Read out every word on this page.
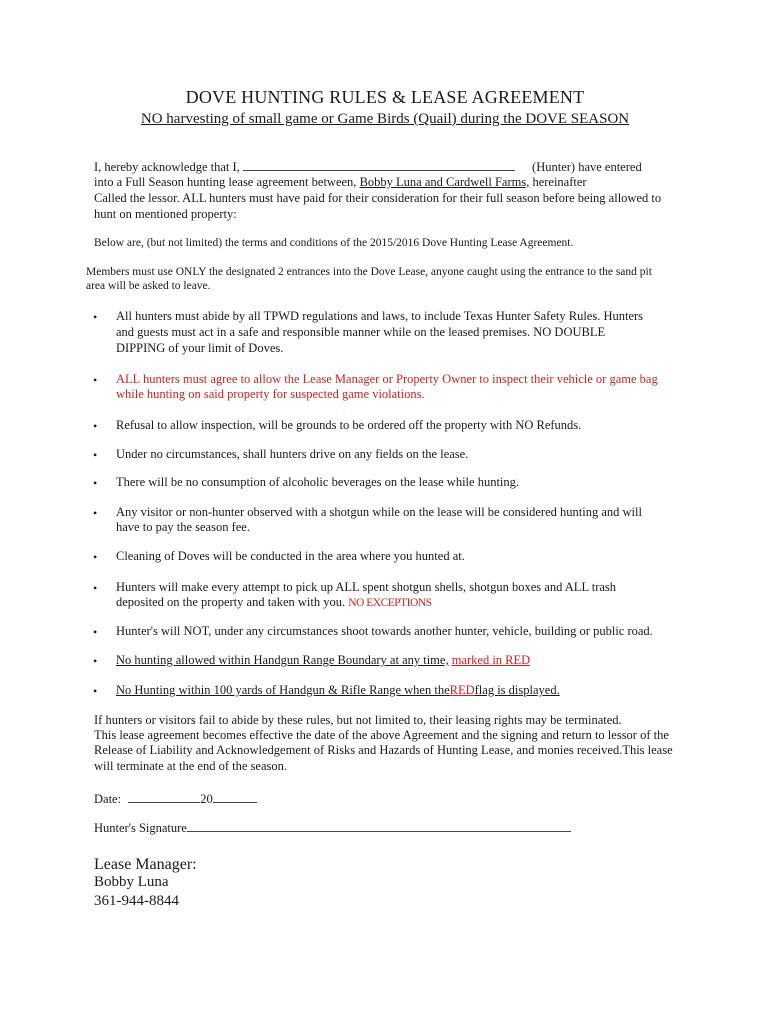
DOVE HUNTING RULES & LEASE AGREEMENT
NO harvesting of small game or Game Birds (Quail) during the DOVE SEASON
I, hereby acknowledge that I,	(Hunter) have entered
into a Full Season hunting lease agreement between, Bobby Luna and Cardwell Farms, hereinafter
Called the lessor. ALL hunters must have paid for their consideration for their full season before being allowed to
hunt on mentioned property:
Below are, (but not limited) the terms and conditions of the 2015/2016 Dove Hunting Lease Agreement.
Members must use ONLY the designated 2 entrances into the Dove Lease, anyone caught using the entrance to the sand pit
area will be asked to leave.
• All hunters must abide by all TPWD regulations and laws, to include Texas Hunter Safety Rules. Hunters
and guests must act in a safe and responsible manner while on the leased premises. NO DOUBLE
DIPPING of your limit of Doves.
• ALL hunters must agree to allow the Lease Manager or Property Owner to inspect their vehicle or game bag
while hunting on said property for suspected game violations.
• Refusal to allow inspection, will be grounds to be ordered off the property with NO Refunds.
• Under no circumstances, shall hunters drive on any fields on the lease.
• There will be no consumption of alcoholic beverages on the lease while hunting.
• Any visitor or non-hunter observed with a shotgun while on the lease will be considered hunting and will
have to pay the season fee.
• Cleaning of Doves will be conducted in the area where you hunted at.
• Hunters will make every attempt to pick up ALL spent shotgun shells, shotgun boxes and ALL trash
deposited on the property and taken with you. NO EXCEPTIONS
• Hunter's will NOT, under any circumstances shoot towards another hunter, vehicle, building or public road.
• No hunting allowed within Handgun Range Boundary at any time, marked in RED
• No Hunting within 100 yards of Handgun & Rifle Range when theREDflag is displayed.
If hunters or visitors fail to abide by these rules, but not limited to, their leasing rights may be terminated.
This lease agreement becomes effective the date of the above Agreement and the signing and return to lessor of the
Release of Liability and Acknowledgement of Risks and Hazards of Hunting Lease, and monies received.This lease
will terminate at the end of the season.
Date:	20
Hunter's Signature
Lease Manager:
Bobby Luna
361-944-8844
